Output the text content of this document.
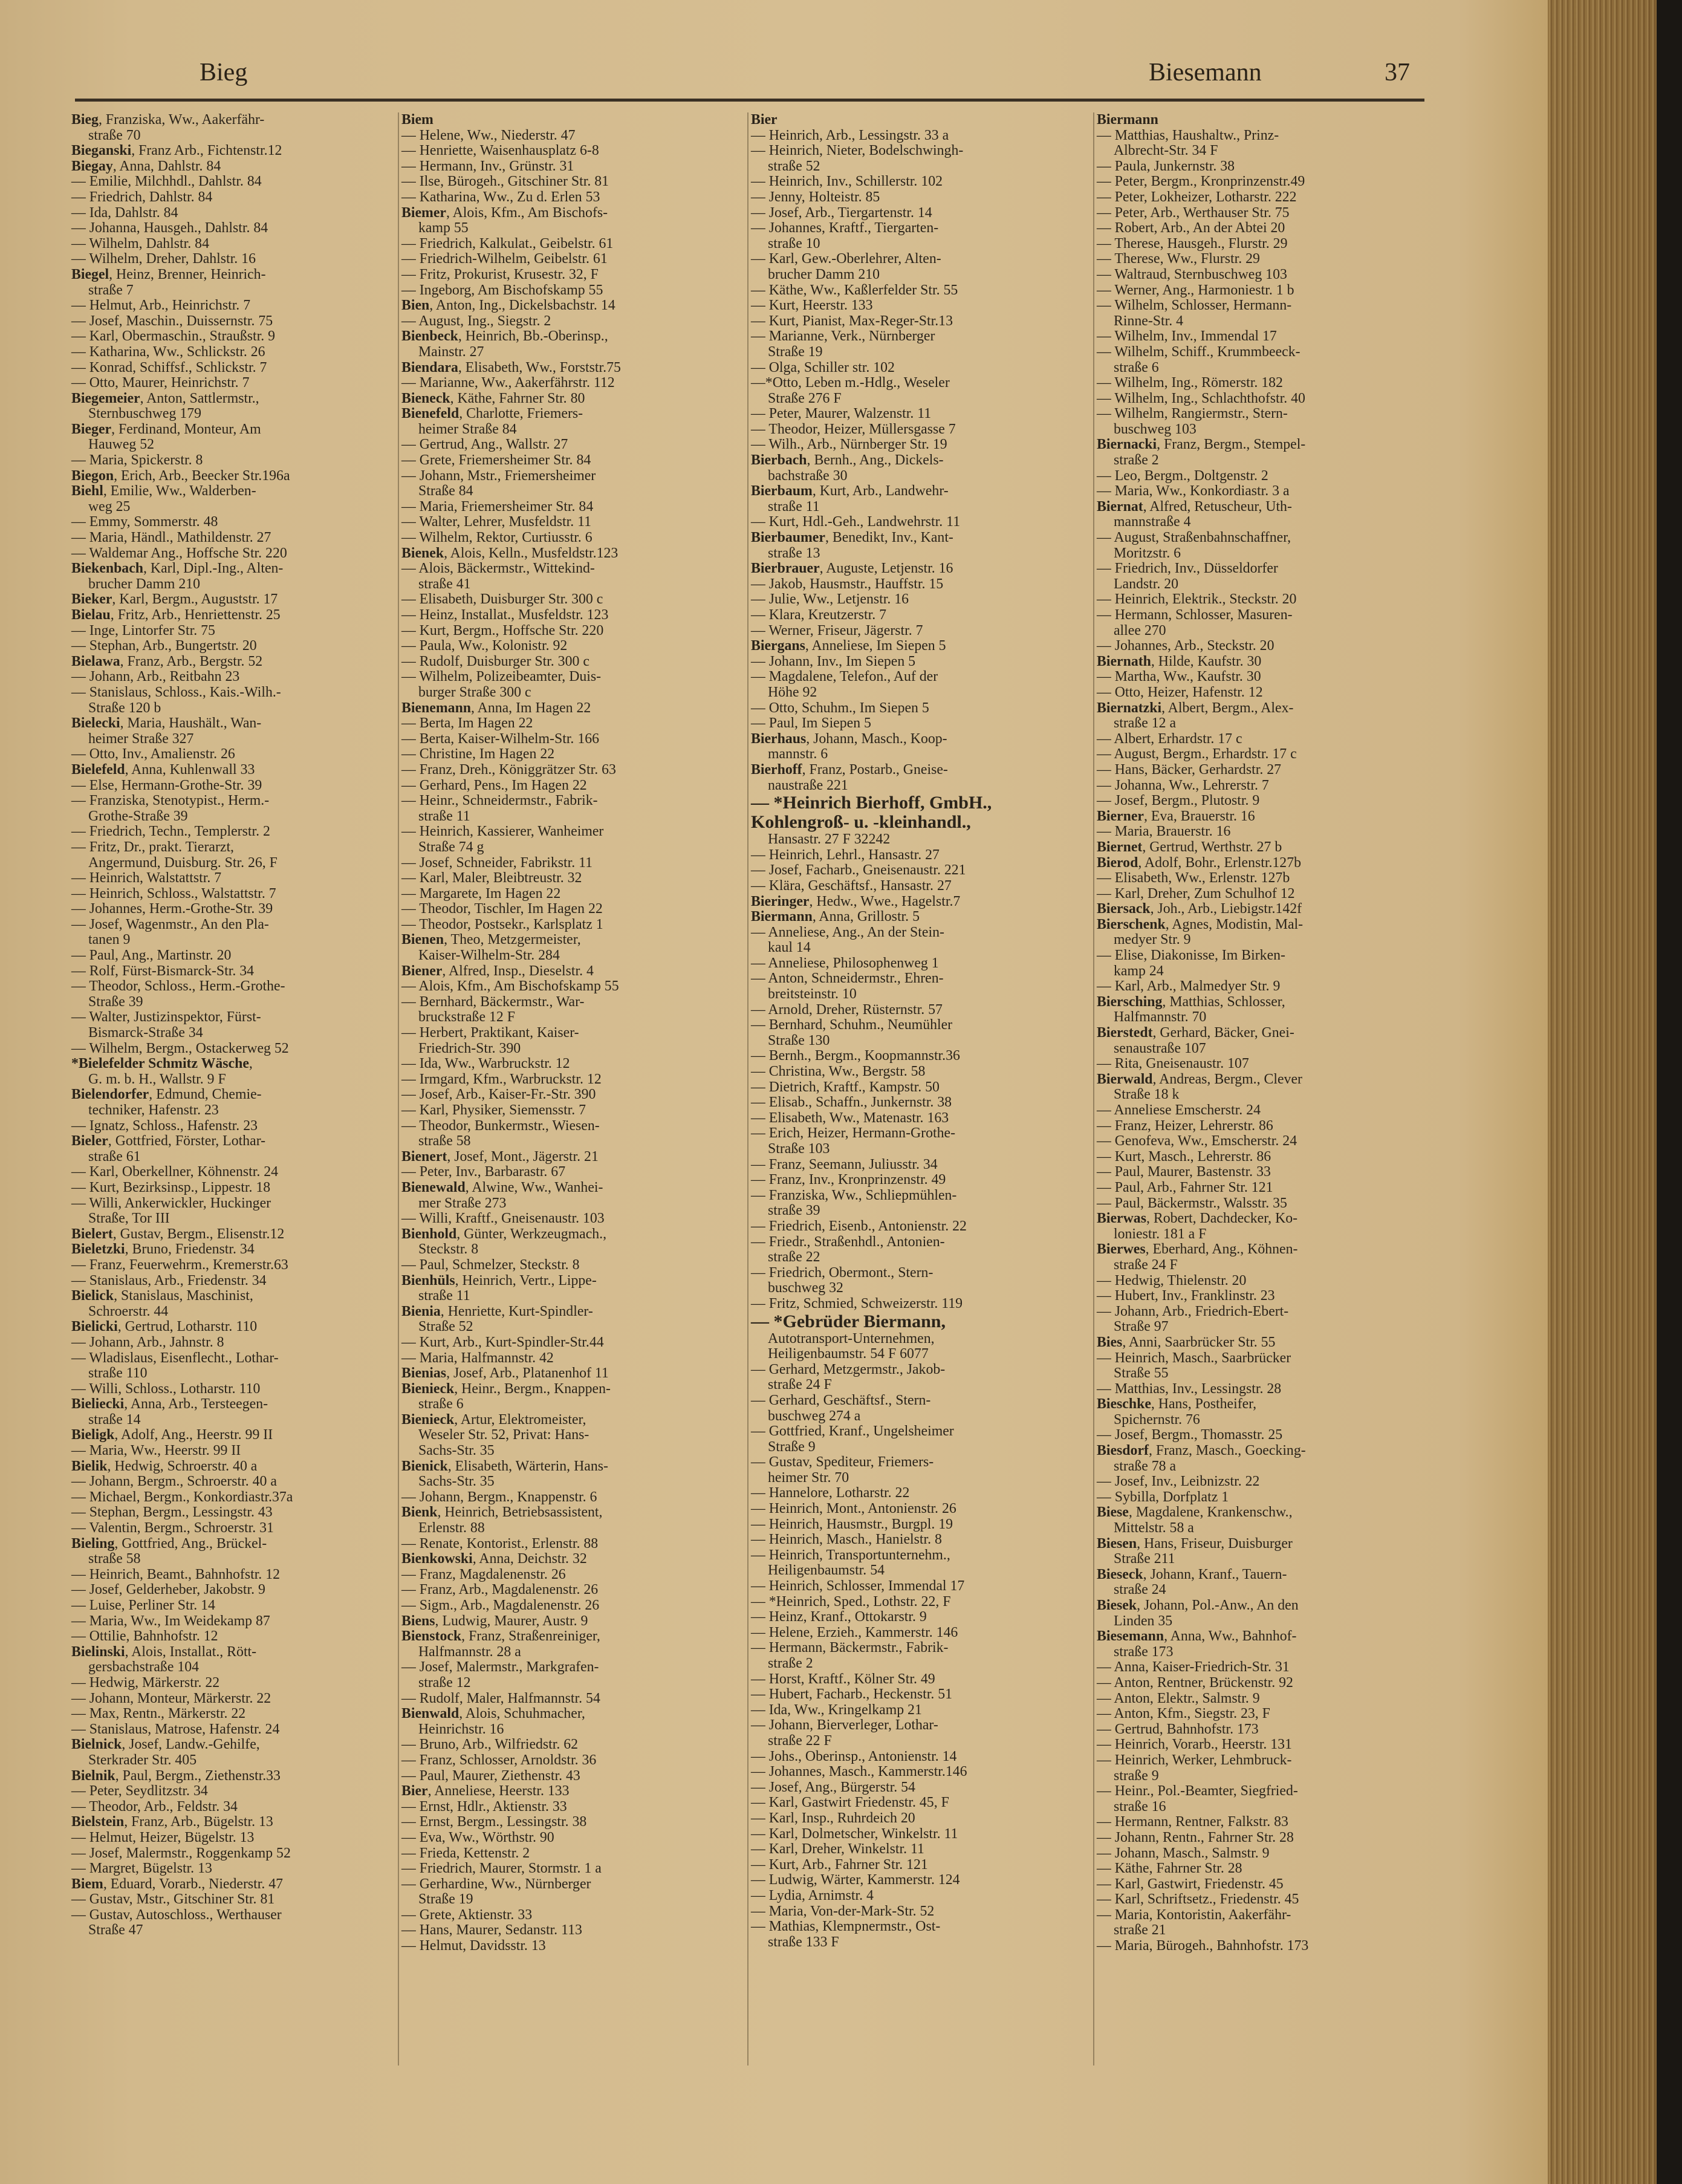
Bieg	Biesemann	37
Bieg, Franziska, Ww., Aakerfähr-
straße 70
Bieganski, Franz Arb., Fichtenstr.12
Biegay, Anna, Dahlstr. 84
— Emilie, Milchhdl., Dahlstr. 84
— Friedrich, Dahlstr. 84
— Ida, Dahlstr. 84
— Johanna, Hausgeh., Dahlstr. 84
— Wilhelm, Dahlstr. 84
— Wilhelm, Dreher, Dahlstr. 16
Biegel, Heinz, Brenner, Heinrich-
straße 7
— Helmut, Arb., Heinrichstr. 7
— Josef, Maschin., Duissernstr. 75
— Karl, Obermaschin., Straußstr. 9
— Katharina, Ww., Schlickstr. 26
— Konrad, Schiffsf., Schlickstr. 7
— Otto, Maurer, Heinrichstr. 7
Biegemeier, Anton, Sattlermstr.,
Sternbuschweg 179
Bieger, Ferdinand, Monteur, Am
Hauweg 52
— Maria, Spickerstr. 8
Biegon, Erich, Arb., Beecker Str.196a
Biehl, Emilie, Ww., Walderben-
weg 25
— Emmy, Sommerstr. 48
— Maria, Händl., Mathildenstr. 27
— Waldemar Ang., Hoffsche Str. 220
Biekenbach, Karl, Dipl.-Ing., Alten-
brucher Damm 210
Bieker, Karl, Bergm., Auguststr. 17
Bielau, Fritz, Arb., Henriettenstr. 25
— Inge, Lintorfer Str. 75
— Stephan, Arb., Bungertstr. 20
Bielawa, Franz, Arb., Bergstr. 52
— Johann, Arb., Reitbahn 23
— Stanislaus, Schloss., Kais.-Wilh.-
Straße 120 b
Bielecki, Maria, Haushält., Wan-
heimer Straße 327
— Otto, Inv., Amalienstr. 26
Bielefeld, Anna, Kuhlenwall 33
— Else, Hermann-Grothe-Str. 39
— Franziska, Stenotypist., Herm.-
Grothe-Straße 39
— Friedrich, Techn., Templerstr. 2
— Fritz, Dr., prakt. Tierarzt,
Angermund, Duisburg. Str. 26, F
— Heinrich, Walstattstr. 7
— Heinrich, Schloss., Walstattstr. 7
— Johannes, Herm.-Grothe-Str. 39
— Josef, Wagenmstr., An den Pla-
tanen 9
— Paul, Ang., Martinstr. 20
— Rolf, Fürst-Bismarck-Str. 34
— Theodor, Schloss., Herm.-Grothe-
Straße 39
— Walter, Justizinspektor, Fürst-
Bismarck-Straße 34
— Wilhelm, Bergm., Ostackerweg 52
*Bielefelder Schmitz Wäsche,
G. m. b. H., Wallstr. 9 F
Bielendorfer, Edmund, Chemie-
techniker, Hafenstr. 23
— Ignatz, Schloss., Hafenstr. 23
Bieler, Gottfried, Förster, Lothar-
straße 61
— Karl, Oberkellner, Köhnenstr. 24
— Kurt, Bezirksinsp., Lippestr. 18
— Willi, Ankerwickler, Huckinger
Straße, Tor III
Bielert, Gustav, Bergm., Elisenstr.12
Bieletzki, Bruno, Friedenstr. 34
— Franz, Feuerwehrm., Kremerstr.63
— Stanislaus, Arb., Friedenstr. 34
Bielick, Stanislaus, Maschinist,
Schroerstr. 44
Bielicki, Gertrud, Lotharstr. 110
— Johann, Arb., Jahnstr. 8
— Wladislaus, Eisenflecht., Lothar-
straße 110
— Willi, Schloss., Lotharstr. 110
Bieliecki, Anna, Arb., Tersteegen-
straße 14
Bieligk, Adolf, Ang., Heerstr. 99 II
— Maria, Ww., Heerstr. 99 II
Bielik, Hedwig, Schroerstr. 40 a
— Johann, Bergm., Schroerstr. 40 a
— Michael, Bergm., Konkordiastr.37a
— Stephan, Bergm., Lessingstr. 43
— Valentin, Bergm., Schroerstr. 31
Bieling, Gottfried, Ang., Brückel-
straße 58
— Heinrich, Beamt., Bahnhofstr. 12
— Josef, Gelderheber, Jakobstr. 9
— Luise, Perliner Str. 14
— Maria, Ww., Im Weidekamp 87
— Ottilie, Bahnhofstr. 12
Bielinski, Alois, Installat., Rött-
gersbachstraße 104
— Hedwig, Märkerstr. 22
— Johann, Monteur, Märkerstr. 22
— Max, Rentn., Märkerstr. 22
— Stanislaus, Matrose, Hafenstr. 24
Bielnick, Josef, Landw.-Gehilfe,
Sterkrader Str. 405
Bielnik, Paul, Bergm., Ziethenstr.33
— Peter, Seydlitzstr. 34
— Theodor, Arb., Feldstr. 34
Bielstein, Franz, Arb., Bügelstr. 13
— Helmut, Heizer, Bügelstr. 13
— Josef, Malermstr., Roggenkamp 52
— Margret, Bügelstr. 13
Biem, Eduard, Vorarb., Niederstr. 47
— Gustav, Mstr., Gitschiner Str. 81
— Gustav, Autoschloss., Werthauser
Straße 47
Biem
— Helene, Ww., Niederstr. 47
— Henriette, Waisenhausplatz 6-8
— Hermann, Inv., Grünstr. 31
— Ilse, Bürogeh., Gitschiner Str. 81
— Katharina, Ww., Zu d. Erlen 53
Biemer, Alois, Kfm., Am Bischofs-
kamp 55
— Friedrich, Kalkulat., Geibelstr. 61
— Friedrich-Wilhelm, Geibelstr. 61
— Fritz, Prokurist, Krusestr. 32, F
— Ingeborg, Am Bischofskamp 55
Bien, Anton, Ing., Dickelsbachstr. 14
— August, Ing., Siegstr. 2
Bienbeck, Heinrich, Bb.-Oberinsp.,
Mainstr. 27
Biendara, Elisabeth, Ww., Forststr.75
— Marianne, Ww., Aakerfährstr. 112
Bieneck, Käthe, Fahrner Str. 80
Bienefeld, Charlotte, Friemers-
heimer Straße 84
— Gertrud, Ang., Wallstr. 27
— Grete, Friemersheimer Str. 84
— Johann, Mstr., Friemersheimer
Straße 84
— Maria, Friemersheimer Str. 84
— Walter, Lehrer, Musfeldstr. 11
— Wilhelm, Rektor, Curtiusstr. 6
Bienek, Alois, Kelln., Musfeldstr.123
— Alois, Bäckermstr., Wittekind-
straße 41
— Elisabeth, Duisburger Str. 300 c
— Heinz, Installat., Musfeldstr. 123
— Kurt, Bergm., Hoffsche Str. 220
— Paula, Ww., Kolonistr. 92
— Rudolf, Duisburger Str. 300 c
— Wilhelm, Polizeibeamter, Duis-
burger Straße 300 c
Bienemann, Anna, Im Hagen 22
— Berta, Im Hagen 22
— Berta, Kaiser-Wilhelm-Str. 166
— Christine, Im Hagen 22
— Franz, Dreh., Königgrätzer Str. 63
— Gerhard, Pens., Im Hagen 22
— Heinr., Schneidermstr., Fabrik-
straße 11
— Heinrich, Kassierer, Wanheimer
Straße 74 g
— Josef, Schneider, Fabrikstr. 11
— Karl, Maler, Bleibtreustr. 32
— Margarete, Im Hagen 22
— Theodor, Tischler, Im Hagen 22
— Theodor, Postsekr., Karlsplatz 1
Bienen, Theo, Metzgermeister,
Kaiser-Wilhelm-Str. 284
Biener, Alfred, Insp., Dieselstr. 4
— Alois, Kfm., Am Bischofskamp 55
— Bernhard, Bäckermstr., War-
bruckstraße 12 F
— Herbert, Praktikant, Kaiser-
Friedrich-Str. 390
— Ida, Ww., Warbruckstr. 12
— Irmgard, Kfm., Warbruckstr. 12
— Josef, Arb., Kaiser-Fr.-Str. 390
— Karl, Physiker, Siemensstr. 7
— Theodor, Bunkermstr., Wiesen-
straße 58
Bienert, Josef, Mont., Jägerstr. 21
— Peter, Inv., Barbarastr. 67
Bienewald, Alwine, Ww., Wanhei-
mer Straße 273
— Willi, Kraftf., Gneisenaustr. 103
Bienhold, Günter, Werkzeugmach.,
Steckstr. 8
— Paul, Schmelzer, Steckstr. 8
Bienhüls, Heinrich, Vertr., Lippe-
straße 11
Bienia, Henriette, Kurt-Spindler-
Straße 52
— Kurt, Arb., Kurt-Spindler-Str.44
— Maria, Halfmannstr. 42
Bienias, Josef, Arb., Platanenhof 11
Bienieck, Heinr., Bergm., Knappen-
straße 6
Bienieck, Artur, Elektromeister,
Weseler Str. 52, Privat: Hans-
Sachs-Str. 35
Bienick, Elisabeth, Wärterin, Hans-
Sachs-Str. 35
— Johann, Bergm., Knappenstr. 6
Bienk, Heinrich, Betriebsassistent,
Erlenstr. 88
— Renate, Kontorist., Erlenstr. 88
Bienkowski, Anna, Deichstr. 32
— Franz, Magdalenenstr. 26
— Franz, Arb., Magdalenenstr. 26
— Sigm., Arb., Magdalenenstr. 26
Biens, Ludwig, Maurer, Austr. 9
Bienstock, Franz, Straßenreiniger,
Halfmannstr. 28 a
— Josef, Malermstr., Markgrafen-
straße 12
— Rudolf, Maler, Halfmannstr. 54
Bienwald, Alois, Schuhmacher,
Heinrichstr. 16
— Bruno, Arb., Wilfriedstr. 62
— Franz, Schlosser, Arnoldstr. 36
— Paul, Maurer, Ziethenstr. 43
Bier, Anneliese, Heerstr. 133
— Ernst, Hdlr., Aktienstr. 33
— Ernst, Bergm., Lessingstr. 38
— Eva, Ww., Wörthstr. 90
— Frieda, Kettenstr. 2
— Friedrich, Maurer, Stormstr. 1 a
— Gerhardine, Ww., Nürnberger
Straße 19
— Grete, Aktienstr. 33
— Hans, Maurer, Sedanstr. 113
— Helmut, Davidsstr. 13
Bier
— Heinrich, Arb., Lessingstr. 33 a
— Heinrich, Nieter, Bodelschwingh-
straße 52
— Heinrich, Inv., Schillerstr. 102
— Jenny, Holteistr. 85
— Josef, Arb., Tiergartenstr. 14
— Johannes, Kraftf., Tiergarten-
straße 10
— Karl, Gew.-Oberlehrer, Alten-
brucher Damm 210
— Käthe, Ww., Kaßlerfelder Str. 55
— Kurt, Heerstr. 133
— Kurt, Pianist, Max-Reger-Str.13
— Marianne, Verk., Nürnberger
Straße 19
— Olga, Schiller str. 102
—*Otto, Leben m.-Hdlg., Weseler
Straße 276 F
— Peter, Maurer, Walzenstr. 11
— Theodor, Heizer, Müllersgasse 7
— Wilh., Arb., Nürnberger Str. 19
Bierbach, Bernh., Ang., Dickels-
bachstraße 30
Bierbaum, Kurt, Arb., Landwehr-
straße 11
— Kurt, Hdl.-Geh., Landwehrstr. 11
Bierbaumer, Benedikt, Inv., Kant-
straße 13
Bierbrauer, Auguste, Letjenstr. 16
— Jakob, Hausmstr., Hauffstr. 15
— Julie, Ww., Letjenstr. 16
— Klara, Kreutzerstr. 7
— Werner, Friseur, Jägerstr. 7
Biergans, Anneliese, Im Siepen 5
— Johann, Inv., Im Siepen 5
— Magdalene, Telefon., Auf der
Höhe 92
— Otto, Schuhm., Im Siepen 5
— Paul, Im Siepen 5
Bierhaus, Johann, Masch., Koop-
mannstr. 6
Bierhoff, Franz, Postarb., Gneise-
naustraße 221
— *Heinrich Bierhoff, GmbH.,
Kohlengroß- u. -kleinhandl.,
Hansastr. 27 F 32242
— Heinrich, Lehrl., Hansastr. 27
— Josef, Facharb., Gneisenaustr. 221
— Klära, Geschäftsf., Hansastr. 27
Bieringer, Hedw., Wwe., Hagelstr.7
Biermann, Anna, Grillostr. 5
— Anneliese, Ang., An der Stein-
kaul 14
— Anneliese, Philosophenweg 1
— Anton, Schneidermstr., Ehren-
breitsteinstr. 10
— Arnold, Dreher, Rüsternstr. 57
— Bernhard, Schuhm., Neumühler
Straße 130
— Bernh., Bergm., Koopmannstr.36
— Christina, Ww., Bergstr. 58
— Dietrich, Kraftf., Kampstr. 50
— Elisab., Schaffn., Junkernstr. 38
— Elisabeth, Ww., Matenastr. 163
— Erich, Heizer, Hermann-Grothe-
Straße 103
— Franz, Seemann, Juliusstr. 34
— Franz, Inv., Kronprinzenstr. 49
— Franziska, Ww., Schliepmühlen-
straße 39
— Friedrich, Eisenb., Antonienstr. 22
— Friedr., Straßenhdl., Antonien-
straße 22
— Friedrich, Obermont., Stern-
buschweg 32
— Fritz, Schmied, Schweizerstr. 119
— *Gebrüder Biermann,
Autotransport-Unternehmen,
Heiligenbaumstr. 54 F 6077
— Gerhard, Metzgermstr., Jakob-
straße 24 F
— Gerhard, Geschäftsf., Stern-
buschweg 274 a
— Gottfried, Kranf., Ungelsheimer
Straße 9
— Gustav, Spediteur, Friemers-
heimer Str. 70
— Hannelore, Lotharstr. 22
— Heinrich, Mont., Antonienstr. 26
— Heinrich, Hausmstr., Burgpl. 19
— Heinrich, Masch., Hanielstr. 8
— Heinrich, Transportunternehm.,
Heiligenbaumstr. 54
— Heinrich, Schlosser, Immendal 17
— *Heinrich, Sped., Lothstr. 22, F
— Heinz, Kranf., Ottokarstr. 9
— Helene, Erzieh., Kammerstr. 146
— Hermann, Bäckermstr., Fabrik-
straße 2
— Horst, Kraftf., Kölner Str. 49
— Hubert, Facharb., Heckenstr. 51
— Ida, Ww., Kringelkamp 21
— Johann, Bierverleger, Lothar-
straße 22 F
— Johs., Oberinsp., Antonienstr. 14
— Johannes, Masch., Kammerstr.146
— Josef, Ang., Bürgerstr. 54
— Karl, Gastwirt Friedenstr. 45, F
— Karl, Insp., Ruhrdeich 20
— Karl, Dolmetscher, Winkelstr. 11
— Karl, Dreher, Winkelstr. 11
— Kurt, Arb., Fahrner Str. 121
— Ludwig, Wärter, Kammerstr. 124
— Lydia, Arnimstr. 4
— Maria, Von-der-Mark-Str. 52
— Mathias, Klempnermstr., Ost-
straße 133 F
Biermann
— Matthias, Haushaltw., Prinz-
Albrecht-Str. 34 F
— Paula, Junkernstr. 38
— Peter, Bergm., Kronprinzenstr.49
— Peter, Lokheizer, Lotharstr. 222
— Peter, Arb., Werthauser Str. 75
— Robert, Arb., An der Abtei 20
— Therese, Hausgeh., Flurstr. 29
— Therese, Ww., Flurstr. 29
— Waltraud, Sternbuschweg 103
— Werner, Ang., Harmoniestr. 1 b
— Wilhelm, Schlosser, Hermann-
Rinne-Str. 4
— Wilhelm, Inv., Immendal 17
— Wilhelm, Schiff., Krummbeeck-
straße 6
— Wilhelm, Ing., Römerstr. 182
— Wilhelm, Ing., Schlachthofstr. 40
— Wilhelm, Rangiermstr., Stern-
buschweg 103
Biernacki, Franz, Bergm., Stempel-
straße 2
— Leo, Bergm., Doltgenstr. 2
— Maria, Ww., Konkordiastr. 3 a
Biernat, Alfred, Retuscheur, Uth-
mannstraße 4
— August, Straßenbahnschaffner,
Moritzstr. 6
— Friedrich, Inv., Düsseldorfer
Landstr. 20
— Heinrich, Elektrik., Steckstr. 20
— Hermann, Schlosser, Masuren-
allee 270
— Johannes, Arb., Steckstr. 20
Biernath, Hilde, Kaufstr. 30
— Martha, Ww., Kaufstr. 30
— Otto, Heizer, Hafenstr. 12
Biernatzki, Albert, Bergm., Alex-
straße 12 a
— Albert, Erhardstr. 17 c
— August, Bergm., Erhardstr. 17 c
— Hans, Bäcker, Gerhardstr. 27
— Johanna, Ww., Lehrerstr. 7
— Josef, Bergm., Plutostr. 9
Bierner, Eva, Brauerstr. 16
— Maria, Brauerstr. 16
Biernet, Gertrud, Werthstr. 27 b
Bierod, Adolf, Bohr., Erlenstr.127b
— Elisabeth, Ww., Erlenstr. 127b
— Karl, Dreher, Zum Schulhof 12
Biersack, Joh., Arb., Liebigstr.142f
Bierschenk, Agnes, Modistin, Mal-
medyer Str. 9
— Elise, Diakonisse, Im Birken-
kamp 24
— Karl, Arb., Malmedyer Str. 9
Biersching, Matthias, Schlosser,
Halfmannstr. 70
Bierstedt, Gerhard, Bäcker, Gnei-
senaustraße 107
— Rita, Gneisenaustr. 107
Bierwald, Andreas, Bergm., Clever
Straße 18 k
— Anneliese Emscherstr. 24
— Franz, Heizer, Lehrerstr. 86
— Genofeva, Ww., Emscherstr. 24
— Kurt, Masch., Lehrerstr. 86
— Paul, Maurer, Bastenstr. 33
— Paul, Arb., Fahrner Str. 121
— Paul, Bäckermstr., Walsstr. 35
Bierwas, Robert, Dachdecker, Ko-
loniestr. 181 a F
Bierwes, Eberhard, Ang., Köhnen-
straße 24 F
— Hedwig, Thielenstr. 20
— Hubert, Inv., Franklinstr. 23
— Johann, Arb., Friedrich-Ebert-
Straße 97
Bies, Anni, Saarbrücker Str. 55
— Heinrich, Masch., Saarbrücker
Straße 55
— Matthias, Inv., Lessingstr. 28
Bieschke, Hans, Postheifer,
Spichernstr. 76
— Josef, Bergm., Thomasstr. 25
Biesdorf, Franz, Masch., Goecking-
straße 78 a
— Josef, Inv., Leibnizstr. 22
— Sybilla, Dorfplatz 1
Biese, Magdalene, Krankenschw.,
Mittelstr. 58 a
Biesen, Hans, Friseur, Duisburger
Straße 211
Bieseck, Johann, Kranf., Tauern-
straße 24
Biesek, Johann, Pol.-Anw., An den
Linden 35
Biesemann, Anna, Ww., Bahnhof-
straße 173
— Anna, Kaiser-Friedrich-Str. 31
— Anton, Rentner, Brückenstr. 92
— Anton, Elektr., Salmstr. 9
— Anton, Kfm., Siegstr. 23, F
— Gertrud, Bahnhofstr. 173
— Heinrich, Vorarb., Heerstr. 131
— Heinrich, Werker, Lehmbruck-
straße 9
— Heinr., Pol.-Beamter, Siegfried-
straße 16
— Hermann, Rentner, Falkstr. 83
— Johann, Rentn., Fahrner Str. 28
— Johann, Masch., Salmstr. 9
— Käthe, Fahrner Str. 28
— Karl, Gastwirt, Friedenstr. 45
— Karl, Schriftsetz., Friedenstr. 45
— Maria, Kontoristin, Aakerfähr-
straße 21
— Maria, Bürogeh., Bahnhofstr. 173
